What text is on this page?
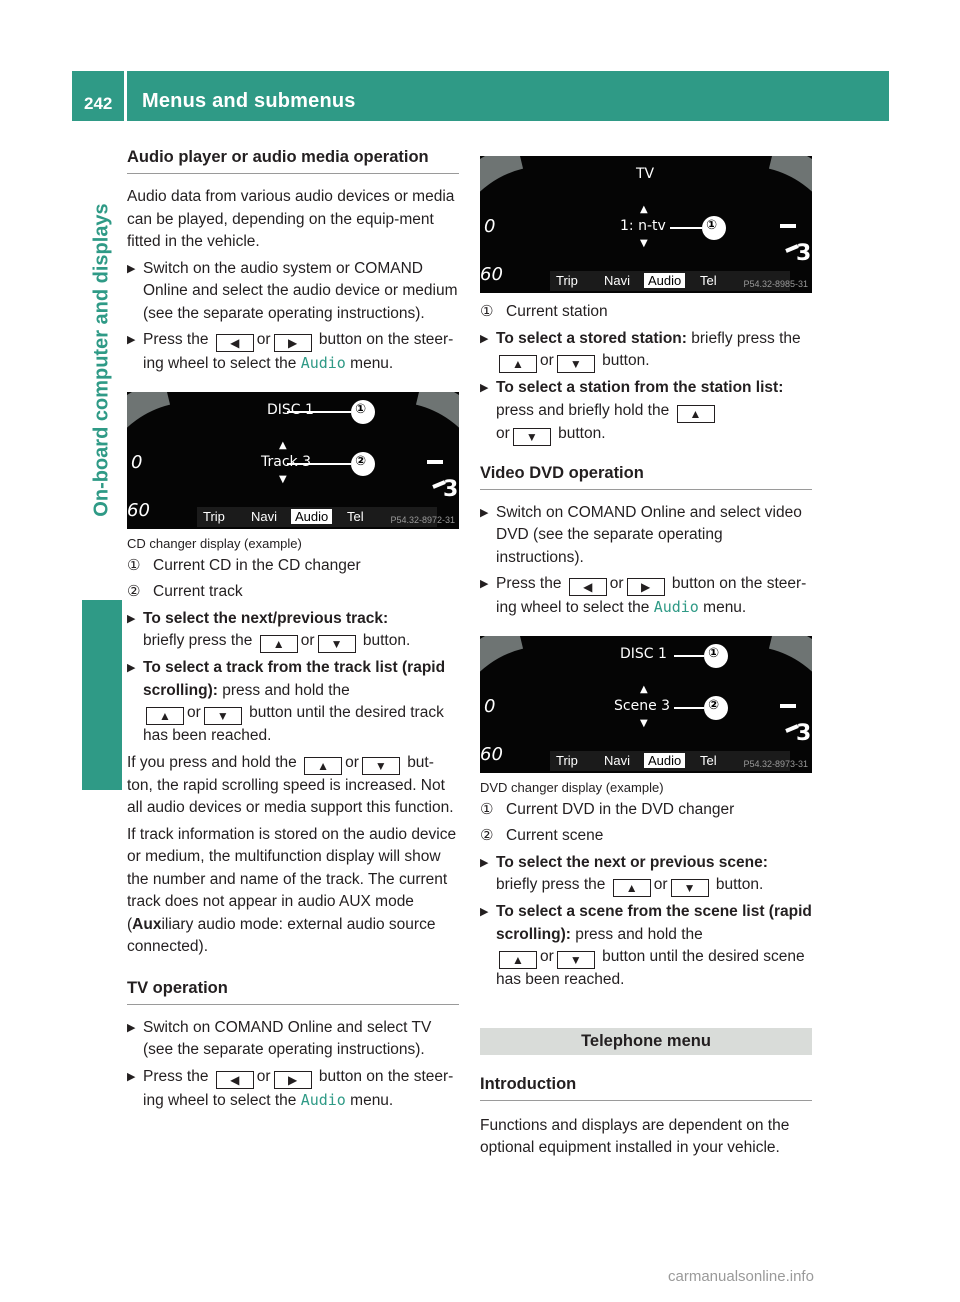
242 Menus and submenus
On-board computer and displays
Audio player or audio media operation

Audio data from various audio devices or media can be played, depending on the equip-ment fitted in the vehicle.

▶ Switch on the audio system or COMAND Online and select the audio device or medium (see the separate operating instructions).

▶ Press the ◀ or ▶ button on the steer-ing wheel to select the Audio menu.

0
60
3
DISC 1	①
▲
Track 3
▼
②
Trip Navi	Audio	Tel	P54.32-8972-31

CD changer display (example)

① Current CD in the CD changer

② Current track

▶ To select the next/previous track:
briefly press the ▲ or ▼ button.

▶ To select a track from the track list (rapid scrolling): press and hold the
▲ or ▼ button until the desired track has been reached.

If you press and hold the ▲ or ▼ but-ton, the rapid scrolling speed is increased. Not all audio devices or media support this function.

If track information is stored on the audio device or medium, the multifunction display will show the number and name of the track. The current track does not appear in audio AUX mode (Auxiliary audio mode: external audio source connected).

TV operation

▶ Switch on COMAND Online and select TV (see the separate operating instructions).

▶ Press the ◀ or ▶ button on the steer-ing wheel to select the Audio menu.

0
60
3
TV
▲
1: n-tv
▼
①
Trip Navi	Audio	Tel	P54.32-8985-31

① Current station

▶ To select a stored station: briefly press the ▲ or ▼ button.

▶ To select a station from the station list: press and briefly hold the ▲
or ▼ button.

Video DVD operation

▶ Switch on COMAND Online and select video DVD (see the separate operating instructions).

▶ Press the ◀ or ▶ button on the steer-ing wheel to select the Audio menu.

0
60
3
DISC 1	①
▲
Scene 3
▼
②
Trip Navi	Audio	Tel	P54.32-8973-31

DVD changer display (example)

① Current DVD in the DVD changer

② Current scene

▶ To select the next or previous scene:
briefly press the ▲ or ▼ button.

▶ To select a scene from the scene list (rapid scrolling): press and hold the
▲ or ▼ button until the desired scene has been reached.

Telephone menu
Introduction

Functions and displays are dependent on the optional equipment installed in your vehicle.

carmanualsonline.info
